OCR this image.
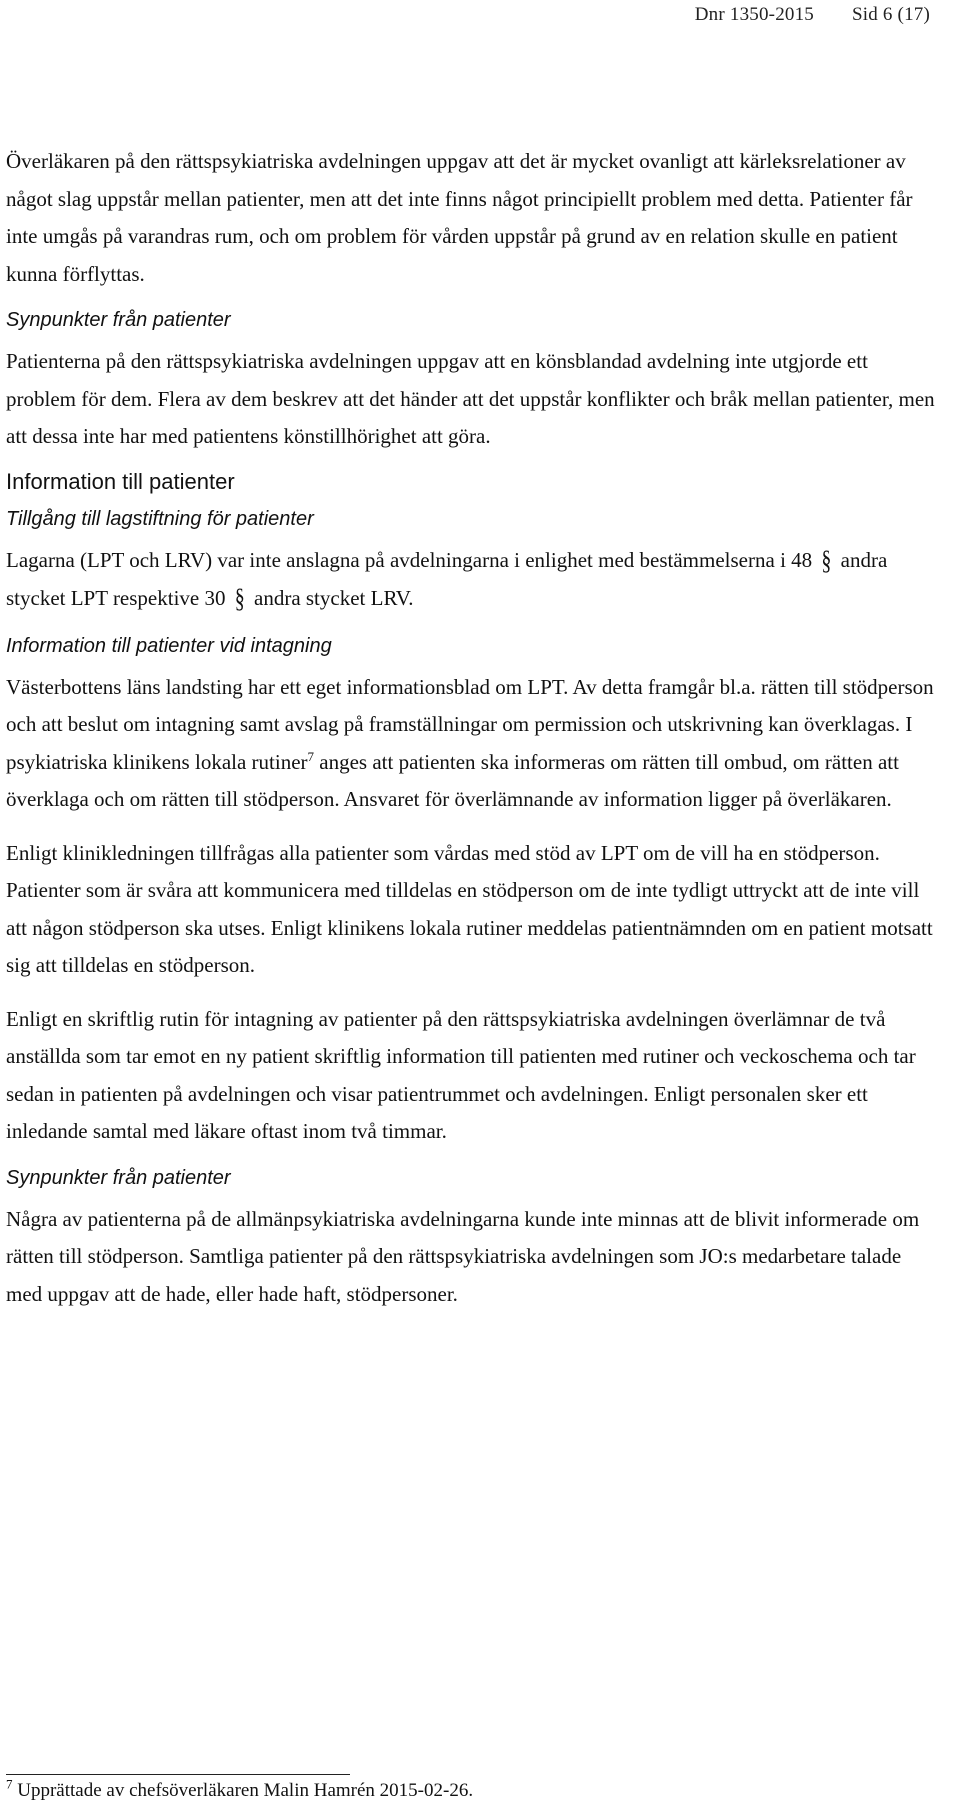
Dnr 1350-2015 Sid 6 (17)

Överläkaren på den rättspsykiatriska avdelningen uppgav att det är mycket ovanligt att kärleksrelationer av något slag uppstår mellan patienter, men att det inte finns något principiellt problem med detta. Patienter får inte umgås på varandras rum, och om problem för vården uppstår på grund av en relation skulle en patient kunna förflyttas.

Synpunkter från patienter

Patienterna på den rättspsykiatriska avdelningen uppgav att en könsblandad avdelning inte utgjorde ett problem för dem. Flera av dem beskrev att det händer att det uppstår konflikter och bråk mellan patienter, men att dessa inte har med patientens könstillhörighet att göra.

Information till patienter

Tillgång till lagstiftning för patienter

Lagarna (LPT och LRV) var inte anslagna på avdelningarna i enlighet med bestämmelserna i 48 § andra stycket LPT respektive 30 § andra stycket LRV.

Information till patienter vid intagning

Västerbottens läns landsting har ett eget informationsblad om LPT. Av detta framgår bl.a. rätten till stödperson och att beslut om intagning samt avslag på framställningar om permission och utskrivning kan överklagas. I psykiatriska klinikens lokala rutiner$^7$ anges att patienten ska informeras om rätten till ombud, om rätten att överklaga och om rätten till stödperson. Ansvaret för överlämnande av information ligger på överläkaren.

Enligt klinikledningen tillfrågas alla patienter som vårdas med stöd av LPT om de vill ha en stödperson. Patienter som är svåra att kommunicera med tilldelas en stödperson om de inte tydligt uttryckt att de inte vill att någon stödperson ska utses. Enligt klinikens lokala rutiner meddelas patientnämnden om en patient motsatt sig att tilldelas en stödperson.

Enligt en skriftlig rutin för intagning av patienter på den rättspsykiatriska avdelningen överlämnar de två anställda som tar emot en ny patient skriftlig information till patienten med rutiner och veckoschema och tar sedan in patienten på avdelningen och visar patientrummet och avdelningen. Enligt personalen sker ett inledande samtal med läkare oftast inom två timmar.

Synpunkter från patienter

Några av patienterna på de allmänpsykiatriska avdelningarna kunde inte minnas att de blivit informerade om rätten till stödperson. Samtliga patienter på den rättspsykiatriska avdelningen som JO:s medarbetare talade med uppgav att de hade, eller hade haft, stödpersoner.

$^7$ Upprättade av chefsöverläkaren Malin Hamrén 2015-02-26.
